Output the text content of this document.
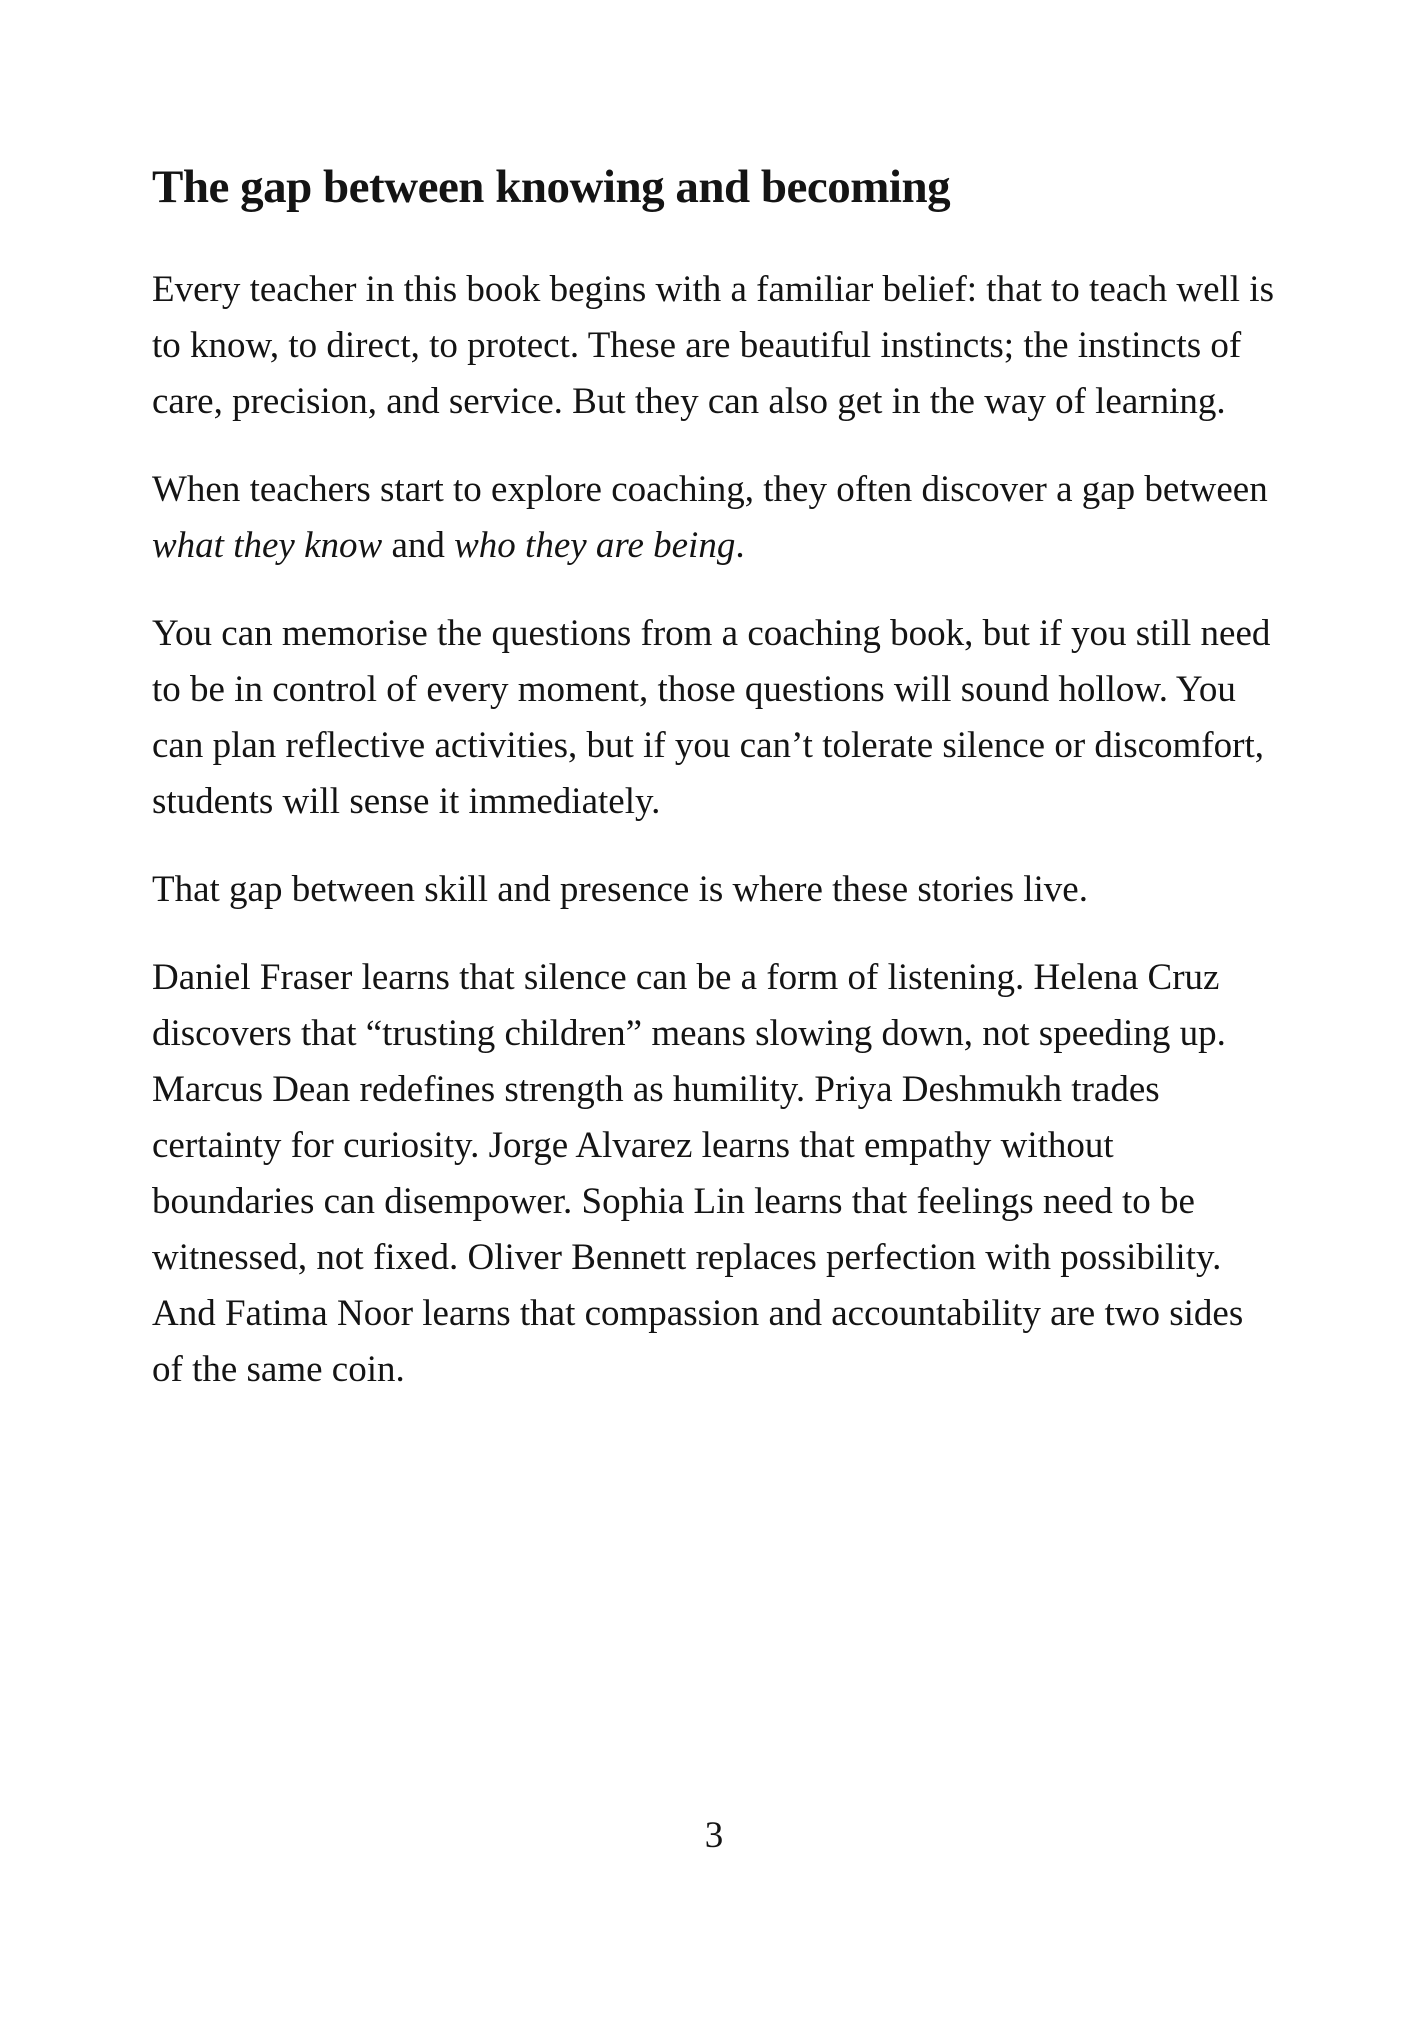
The gap between knowing and becoming

Every teacher in this book begins with a familiar belief: that to teach well is to know, to direct, to protect. These are beautiful instincts; the instincts of care, precision, and service. But they can also get in the way of learning.

When teachers start to explore coaching, they often discover a gap between what they know and who they are being.

You can memorise the questions from a coaching book, but if you still need to be in control of every moment, those questions will sound hollow. You can plan reflective activities, but if you can’t tolerate silence or discomfort, students will sense it immediately.

That gap between skill and presence is where these stories live.

Daniel Fraser learns that silence can be a form of listening. Helena Cruz discovers that “trusting children” means slowing down, not speeding up. Marcus Dean redefines strength as humility. Priya Deshmukh trades certainty for curiosity. Jorge Alvarez learns that empathy without boundaries can disempower. Sophia Lin learns that feelings need to be witnessed, not fixed. Oliver Bennett replaces perfection with possibility. And Fatima Noor learns that compassion and accountability are two sides of the same coin.

3
